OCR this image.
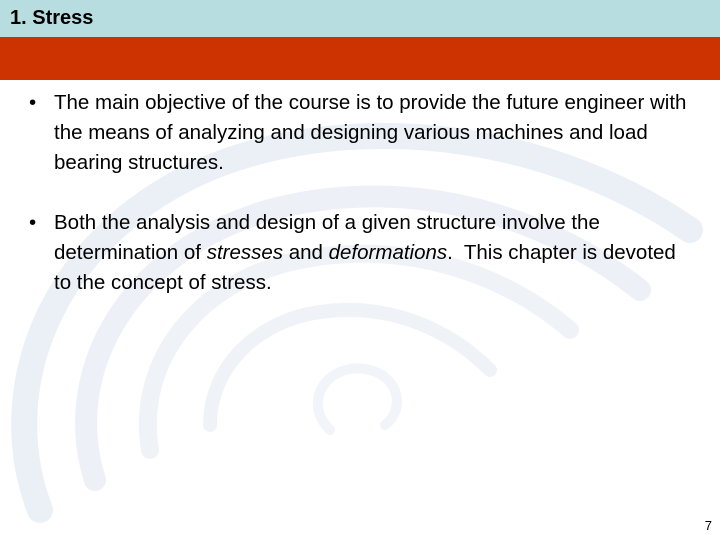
1. Stress
• The main objective of the course is to provide the future engineer with the means of analyzing and designing various machines and load bearing structures.
• Both the analysis and design of a given structure involve the determination of stresses and deformations.  This chapter is devoted to the concept of stress.
7
